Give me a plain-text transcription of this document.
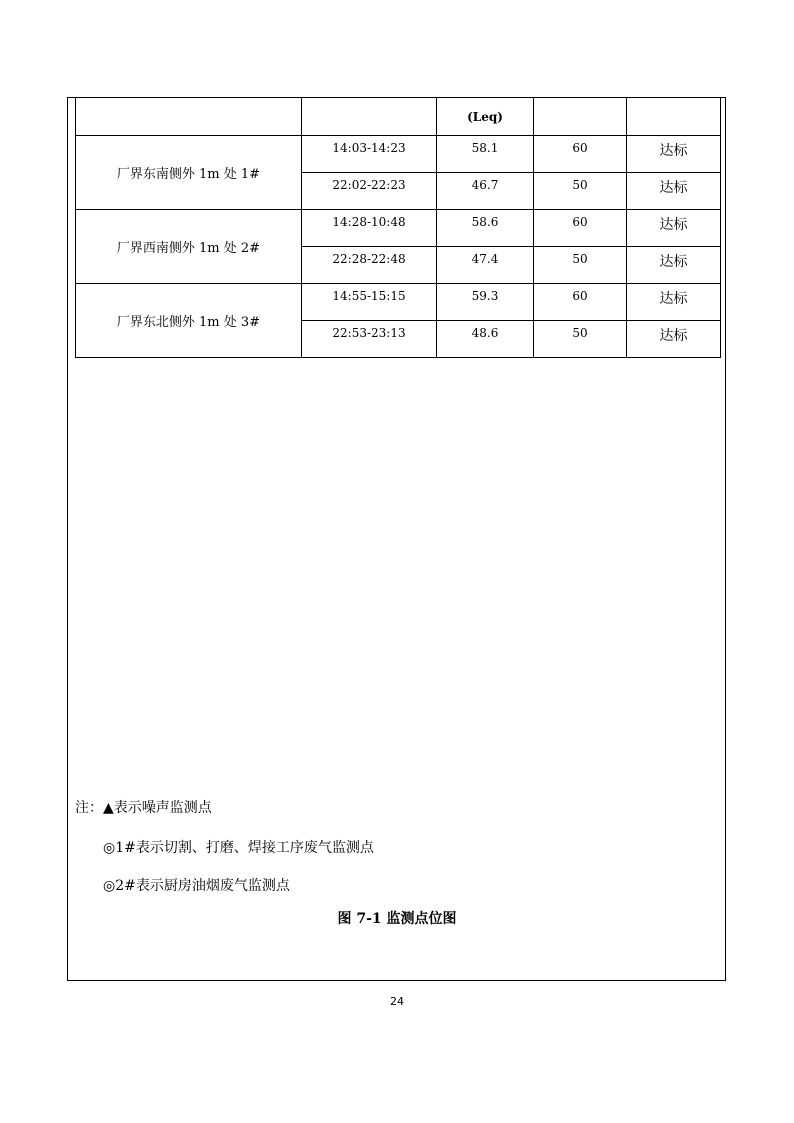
		(Leq)		
厂界东南侧外 1m 处 1#	14:03-14:23	58.1	60	达标
	22:02-22:23	46.7	50	达标
厂界西南侧外 1m 处 2#	14:28-10:48	58.6	60	达标
	22:28-22:48	47.4	50	达标
厂界东北侧外 1m 处 3#	14:55-15:15	59.3	60	达标
	22:53-23:13	48.6	50	达标
注：▲表示噪声监测点
◎1#表示切割、打磨、焊接工序废气监测点
◎2#表示厨房油烟废气监测点
图 7-1 监测点位图
24
